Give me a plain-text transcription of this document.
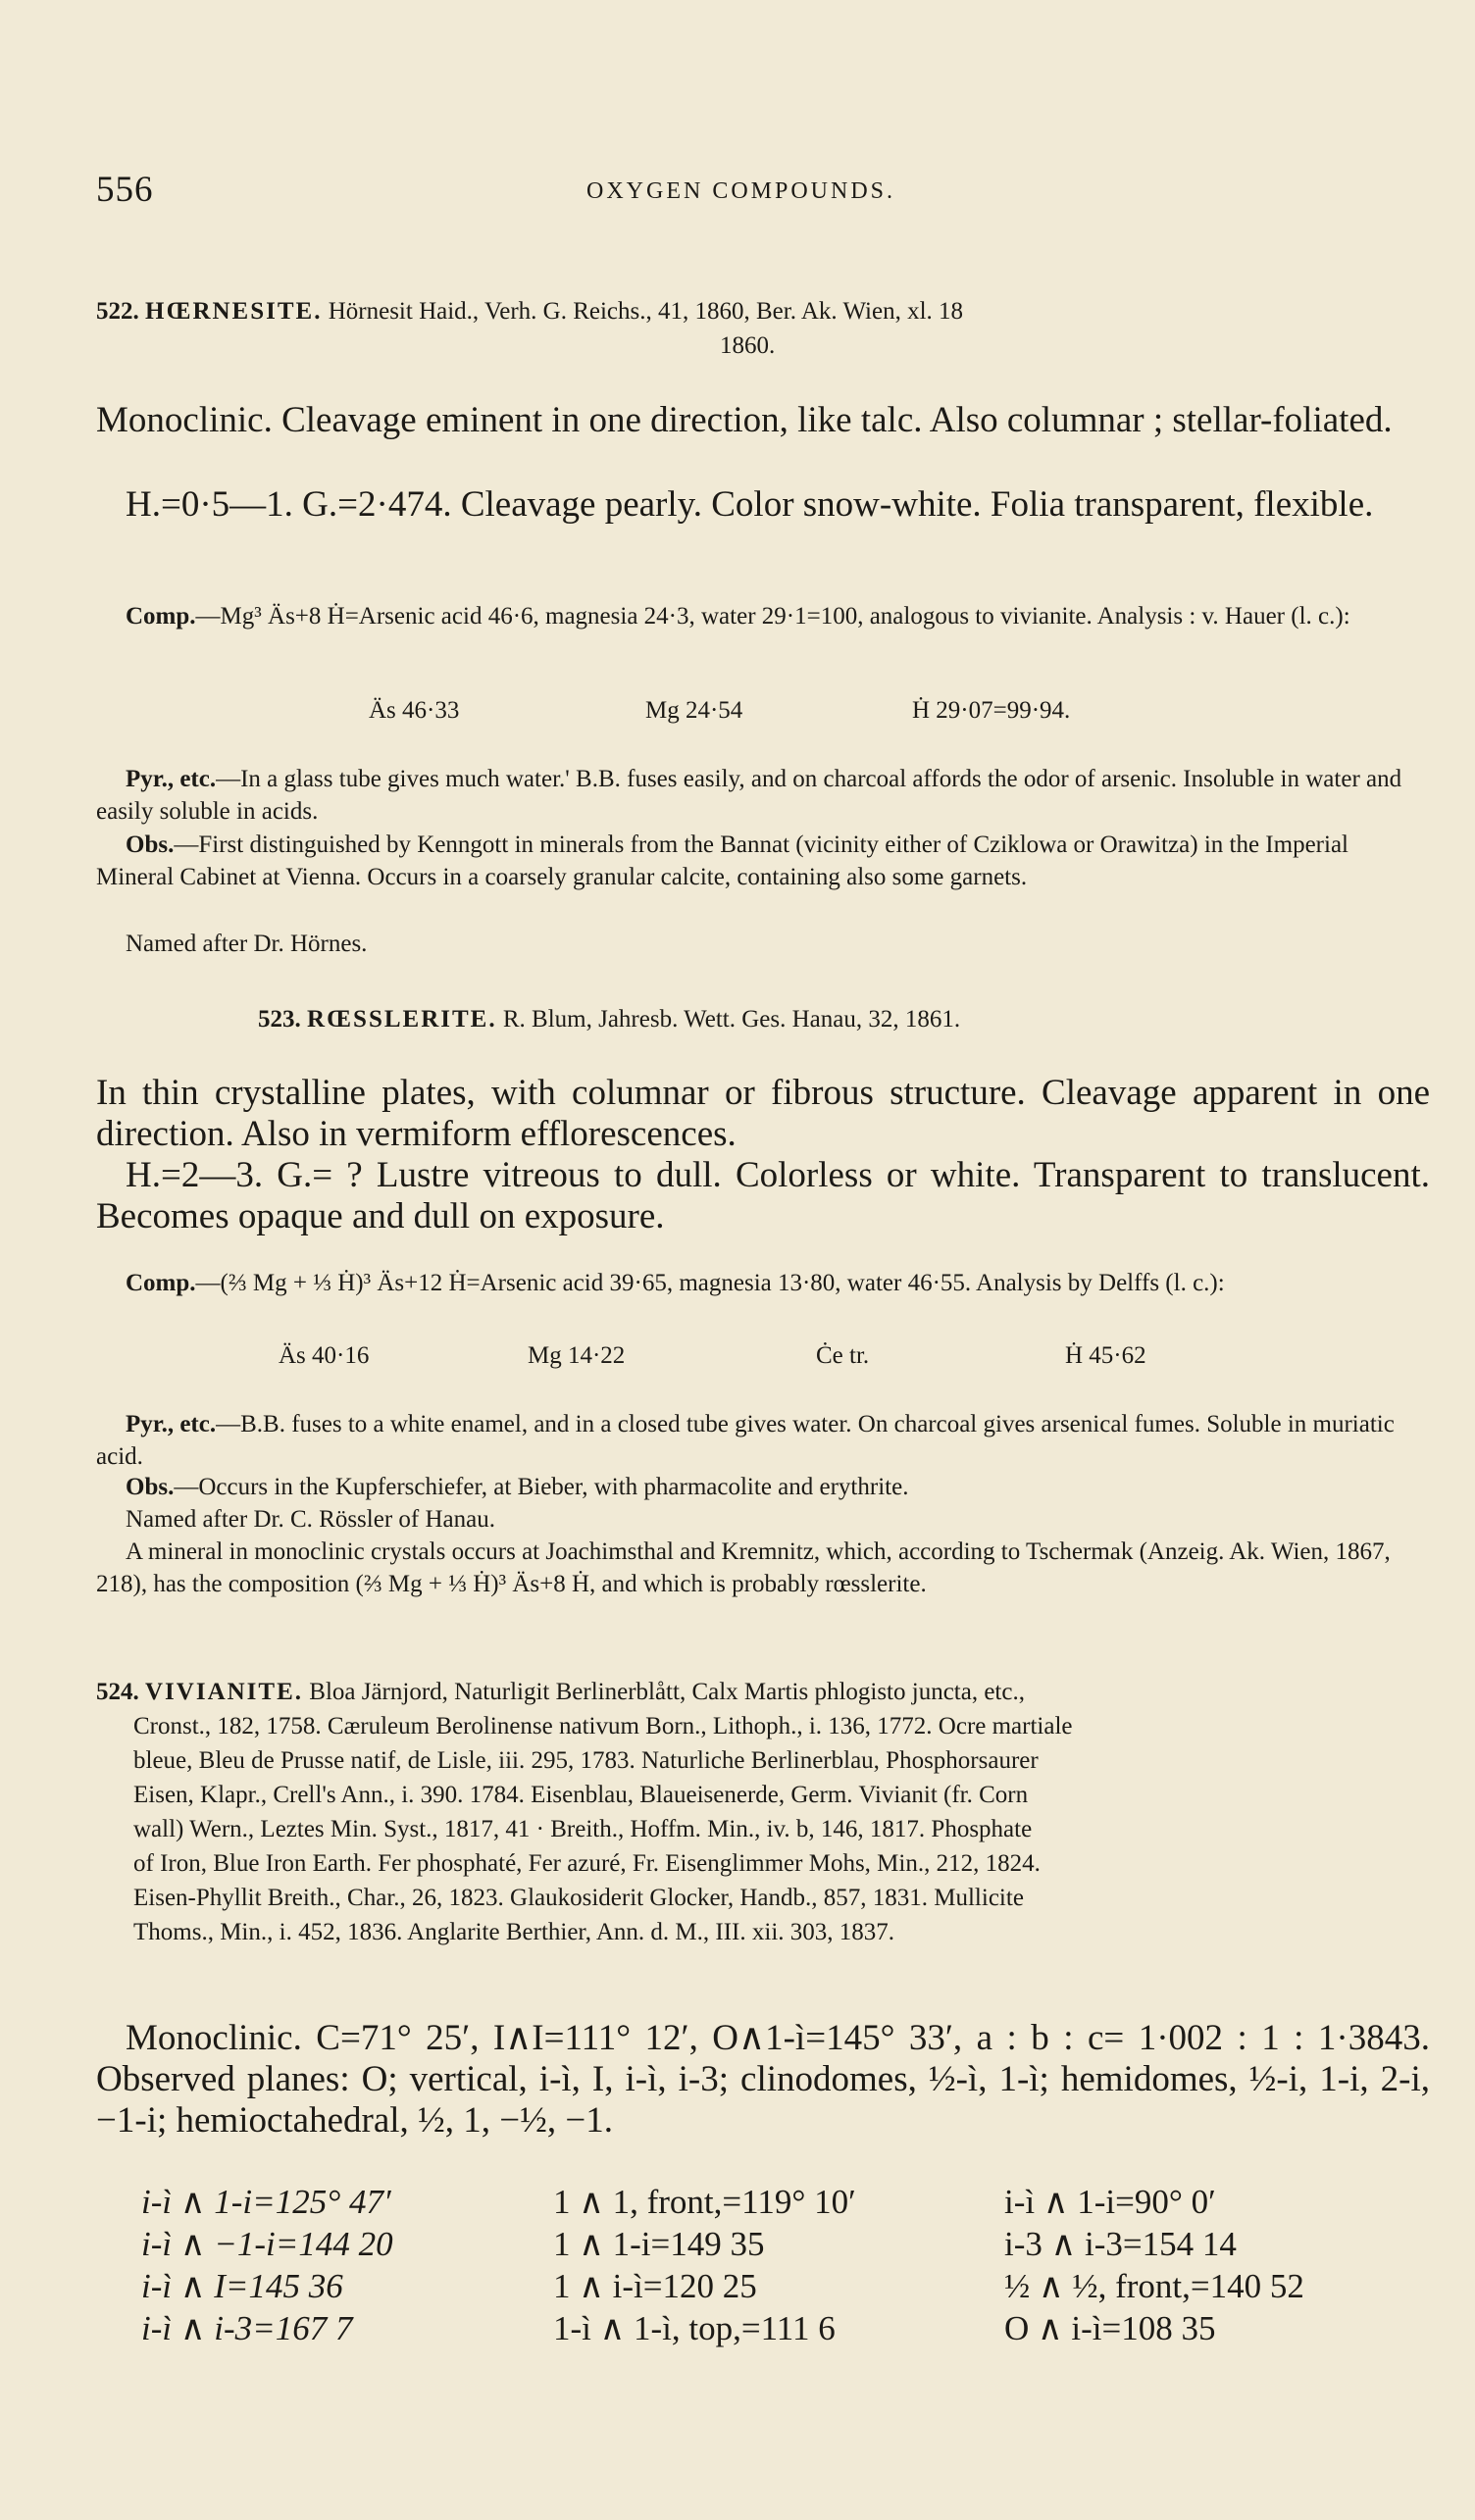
556	OXYGEN COMPOUNDS.
522. HŒRNESITE. Hörnesit Haid., Verh. G. Reichs., 41, 1860, Ber. Ak. Wien, xl. 18
1860.
Monoclinic. Cleavage eminent in one direction, like talc. Also columnar ; stellar-foliated.
H.=0·5—1. G.=2·474. Cleavage pearly. Color snow-white. Folia transparent, flexible.
Comp.—Mg³ Äs+8 Ḣ=Arsenic acid 46·6, magnesia 24·3, water 29·1=100, analogous to vivianite. Analysis : v. Hauer (l. c.):
Äs 46·33	Mg 24·54	Ḣ 29·07=99·94.
Pyr., etc.—In a glass tube gives much water.' B.B. fuses easily, and on charcoal affords the odor of arsenic. Insoluble in water and easily soluble in acids.
Obs.—First distinguished by Kenngott in minerals from the Bannat (vicinity either of Cziklowa or Orawitza) in the Imperial Mineral Cabinet at Vienna. Occurs in a coarsely granular calcite, containing also some garnets.
Named after Dr. Hörnes.
523. RŒSSLERITE. R. Blum, Jahresb. Wett. Ges. Hanau, 32, 1861.
In thin crystalline plates, with columnar or fibrous structure. Cleavage apparent in one direction. Also in vermiform efflorescences.
H.=2—3. G.= ? Lustre vitreous to dull. Colorless or white. Transparent to translucent. Becomes opaque and dull on exposure.
Comp.—(⅔ Mg + ⅓ Ḣ)³ Äs+12 Ḣ=Arsenic acid 39·65, magnesia 13·80, water 46·55. Analysis by Delffs (l. c.):
Äs 40·16	Mg 14·22	Ċe tr.	Ḣ 45·62
Pyr., etc.—B.B. fuses to a white enamel, and in a closed tube gives water. On charcoal gives arsenical fumes. Soluble in muriatic acid.
Obs.—Occurs in the Kupferschiefer, at Bieber, with pharmacolite and erythrite.
Named after Dr. C. Rössler of Hanau.
A mineral in monoclinic crystals occurs at Joachimsthal and Kremnitz, which, according to Tschermak (Anzeig. Ak. Wien, 1867, 218), has the composition (⅔ Mg + ⅓ Ḣ)³ Äs+8 Ḣ, and which is probably rœsslerite.
524. VIVIANITE. Bloa Järnjord, Naturligit Berlinerblått, Calx Martis phlogisto juncta, etc.,
Cronst., 182, 1758. Cæruleum Berolinense nativum Born., Lithoph., i. 136, 1772. Ocre martiale
bleue, Bleu de Prusse natif, de Lisle, iii. 295, 1783. Naturliche Berlinerblau, Phosphorsaurer
Eisen, Klapr., Crell's Ann., i. 390. 1784. Eisenblau, Blaueisenerde, Germ. Vivianit (fr. Corn
wall) Wern., Leztes Min. Syst., 1817, 41 · Breith., Hoffm. Min., iv. b, 146, 1817. Phosphate
of Iron, Blue Iron Earth. Fer phosphaté, Fer azuré, Fr. Eisenglimmer Mohs, Min., 212, 1824.
Eisen-Phyllit Breith., Char., 26, 1823. Glaukosiderit Glocker, Handb., 857, 1831. Mullicite
Thoms., Min., i. 452, 1836. Anglarite Berthier, Ann. d. M., III. xii. 303, 1837.
Monoclinic. C=71° 25′, I∧I=111° 12′, O∧1-ì=145° 33′, a : b : c= 1·002 : 1 : 1·3843. Observed planes: O; vertical, i-ì, I, i-ì, i-3; clinodomes, ½-ì, 1-ì; hemidomes, ½-i, 1-i, 2-i, −1-i; hemioctahedral, ½, 1, −½, −1.
i-ì ∧ 1-i=125° 47′	1 ∧ 1, front,=119° 10′	i-ì ∧ 1-i=90° 0′
i-ì ∧ −1-i=144 20	1 ∧ 1-i=149 35	i-3 ∧ i-3=154 14
i-ì ∧ I=145 36	1 ∧ i-ì=120 25	½ ∧ ½, front,=140 52
i-ì ∧ i-3=167 7	1-ì ∧ 1-ì, top,=111 6	O ∧ i-ì=108 35
